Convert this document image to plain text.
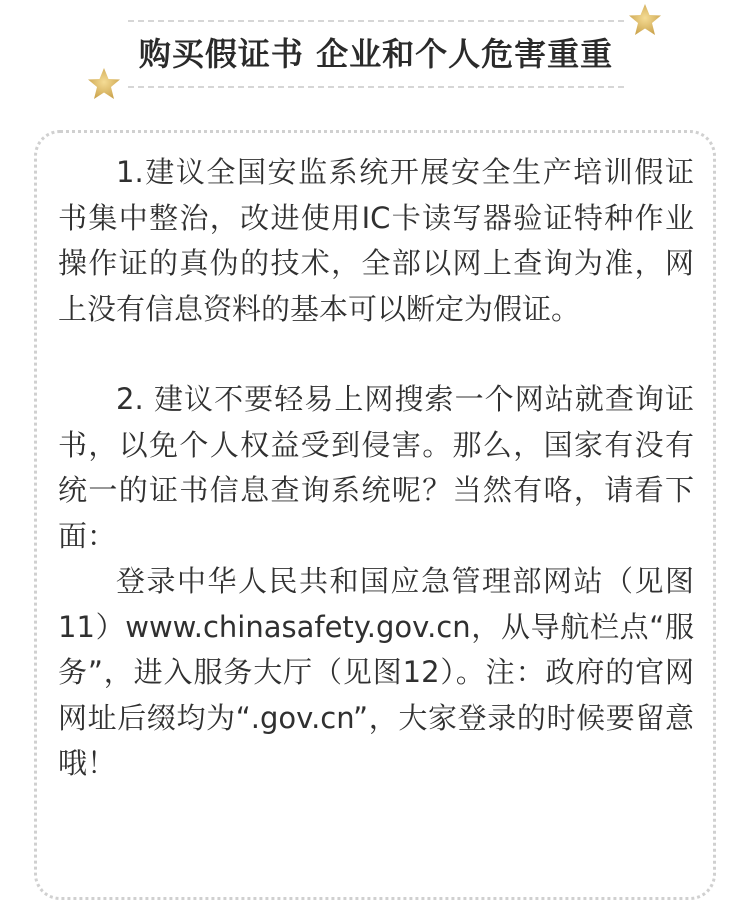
购买假证书 企业和个人危害重重

1.建议全国安监系统开展安全生产培训假证书集中整治，改进使用IC卡读写器验证特种作业操作证的真伪的技术，全部以网上查询为准，网上没有信息资料的基本可以断定为假证。

2. 建议不要轻易上网搜索一个网站就查询证书，以免个人权益受到侵害。那么，国家有没有统一的证书信息查询系统呢？当然有咯，请看下面：

登录中华人民共和国应急管理部网站（见图11）www.chinasafety.gov.cn，从导航栏点“服务”，进入服务大厅（见图12）。注：政府的官网网址后缀均为“.gov.cn”，大家登录的时候要留意哦！
